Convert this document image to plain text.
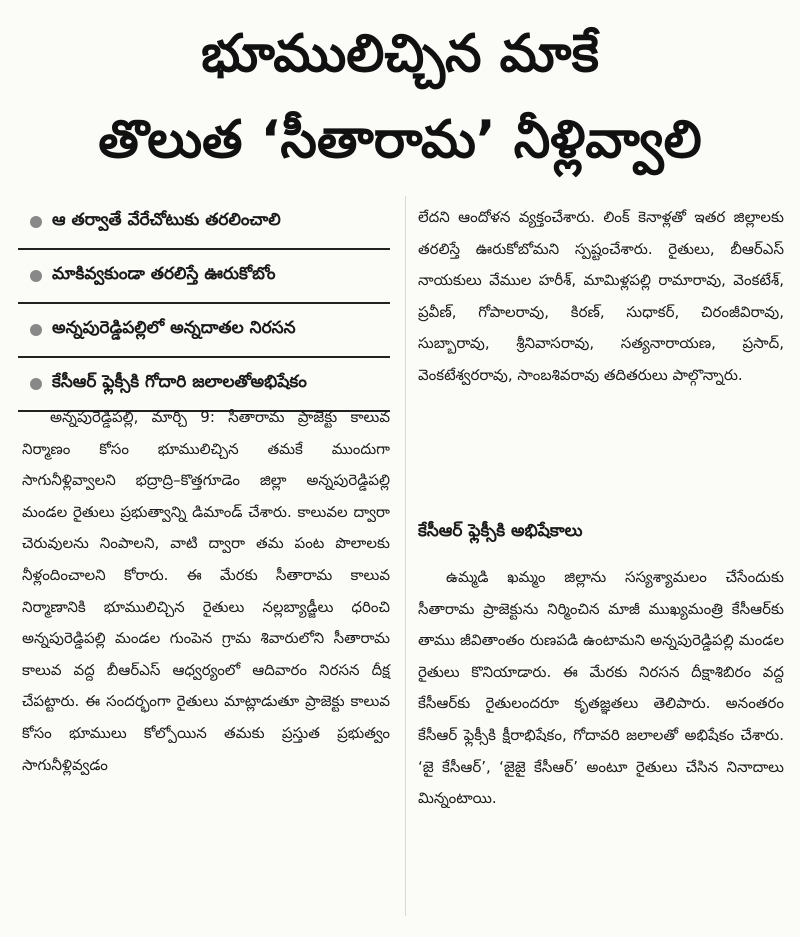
భూములిచ్చిన మాకే
తొలుత ‘సీతారామ’ నీళ్లివ్వాలి
ఆ తర్వాతే వేరేచోటుకు తరలించాలి
మాకివ్వకుండా తరలిస్తే ఊరుకోబోం
అన్నపురెడ్డిపల్లిలో అన్నదాతల నిరసన
కేసీఆర్ ఫ్లెక్సీకి గోదారి జలాలతోఅభిషేకం

అన్నపురెడ్డిపల్లి, మార్చి 9: సీతారామ ప్రాజెక్టు కాలువ నిర్మాణం కోసం భూములిచ్చిన తమకే ముందుగా సాగునీళ్లివ్వాలని భద్రాద్రి–కొత్తగూడెం జిల్లా అన్నపురెడ్డిపల్లి మండల రైతులు ప్రభుత్వాన్ని డిమాండ్ చేశారు. కాలువల ద్వారా చెరువులను నింపాలని, వాటి ద్వారా తమ పంట పొలాలకు నీళ్లందించాలని కోరారు. ఈ మేరకు సీతారామ కాలువ నిర్మాణానికి భూములిచ్చిన రైతులు నల్లబ్యాడ్జీలు ధరించి అన్నపురెడ్డిపల్లి మండల గుంపెన గ్రామ శివారులోని సీతారామ కాలువ వద్ద బీఆర్ఎస్ ఆధ్వర్యంలో ఆదివారం నిరసన దీక్ష చేపట్టారు. ఈ సందర్భంగా రైతులు మాట్లాడుతూ ప్రాజెక్టు కాలువ కోసం భూములు కోల్పోయిన తమకు ప్రస్తుత ప్రభుత్వం సాగునీళ్లివ్వడం

లేదని ఆందోళన వ్యక్తంచేశారు. లింక్ కెనాళ్లతో ఇతర జిల్లాలకు తరలిస్తే ఊరుకోబోమని స్పష్టంచేశారు. రైతులు, బీఆర్ఎస్ నాయకులు వేముల హరీశ్, మామిళ్లపల్లి రామారావు, వెంకటేశ్, ప్రవీణ్, గోపాలరావు, కిరణ్, సుధాకర్, చిరంజీవిరావు, సుబ్బారావు, శ్రీనివాసరావు, సత్యనారాయణ, ప్రసాద్, వెంకటేశ్వరరావు, సాంబశివరావు తదితరులు పాల్గొన్నారు.

కేసీఆర్ ఫ్లెక్సీకి అభిషేకాలు

ఉమ్మడి ఖమ్మం జిల్లాను సస్యశ్యామలం చేసేందుకు సీతారామ ప్రాజెక్టును నిర్మించిన మాజీ ముఖ్యమంత్రి కేసీఆర్‌కు తాము జీవితాంతం రుణపడి ఉంటామని అన్నపురెడ్డిపల్లి మండల రైతులు కొనియాడారు. ఈ మేరకు నిరసన దీక్షాశిబిరం వద్ద కేసీఆర్‌కు రైతులందరూ కృతజ్ఞతలు తెలిపారు. అనంతరం కేసీఆర్ ఫ్లెక్సీకి క్షీరాభిషేకం, గోదావరి జలాలతో అభిషేకం చేశారు. ‘జై కేసీఆర్’, ‘జైజై కేసీఆర్’ అంటూ రైతులు చేసిన నినాదాలు మిన్నంటాయి.
